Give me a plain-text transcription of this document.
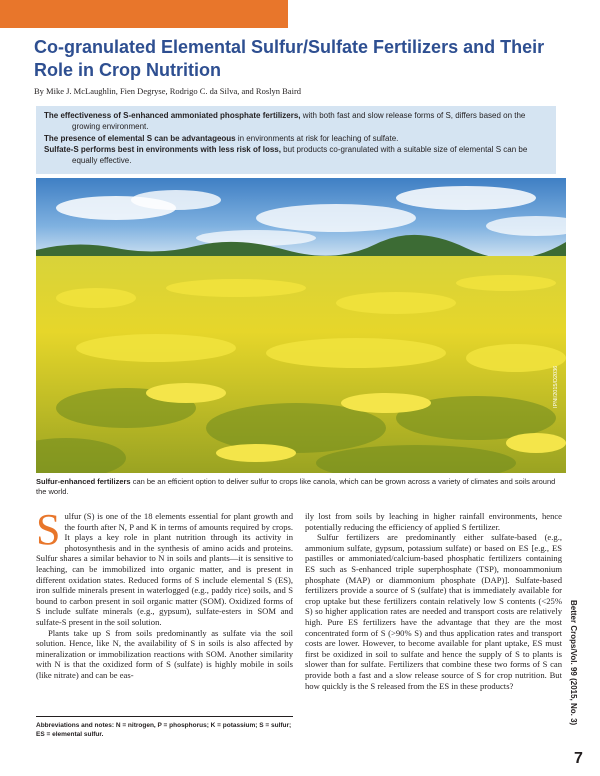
Co-granulated Elemental Sulfur/Sulfate Fertilizers and Their Role in Crop Nutrition

By Mike J. McLaughlin, Fien Degryse, Rodrigo C. da Silva, and Roslyn Baird

The effectiveness of S-enhanced ammoniated phosphate fertilizers, with both fast and slow release forms of S, differs based on the growing environment.

The presence of elemental S can be advantageous in environments at risk for leaching of sulfate.

Sulfate-S performs best in environments with less risk of loss, but products co-granulated with a suitable size of elemental S can be equally effective.

IPNI/2015/D2036

Sulfur-enhanced fertilizers can be an efficient option to deliver sulfur to crops like canola, which can be grown across a variety of climates and soils around the world.

Sulfur (S) is one of the 18 elements essential for plant growth and the fourth after N, P and K in terms of amounts required by crops. It plays a key role in plant nutrition through its activity in photosynthesis and in the synthesis of amino acids and proteins. Sulfur shares a similar behavior to N in soils and plants—it is sensitive to leaching, can be immobilized into organic matter, and is present in different oxidation states. Reduced forms of S include elemental S (ES), iron sulfide minerals present in waterlogged (e.g., paddy rice) soils, and S bound to carbon present in soil organic matter (SOM). Oxidized forms of S include sulfate minerals (e.g., gypsum), sulfate-esters in SOM and sulfate-S present in the soil solution.

Plants take up S from soils predominantly as sulfate via the soil solution. Hence, like N, the availability of S in soils is also affected by mineralization or immobilization reactions with SOM. Another similarity with N is that the oxidized form of S (sulfate) is highly mobile in soils (like nitrate) and can be eas-

Abbreviations and notes: N = nitrogen, P = phosphorus; K = potassium; S = sulfur; ES = elemental sulfur.

ily lost from soils by leaching in higher rainfall environments, hence potentially reducing the efficiency of applied S fertilizer.

Sulfur fertilizers are predominantly either sulfate-based (e.g., ammonium sulfate, gypsum, potassium sulfate) or based on ES [e.g., ES pastilles or ammoniated/calcium-based phosphatic fertilizers containing ES such as S-enhanced triple superphosphate (TSP), monoammonium phosphate (MAP) or diammonium phosphate (DAP)]. Sulfate-based fertilizers provide a source of S (sulfate) that is immediately available for crop uptake but these fertilizers contain relatively low S contents (<25% S) so higher application rates are needed and transport costs are relatively high. Pure ES fertilizers have the advantage that they are the most concentrated form of S (>90% S) and thus application rates and transport costs are lower. However, to become available for plant uptake, ES must first be oxidized in soil to sulfate and hence the supply of S to plants is slower than for sulfate. Fertilizers that combine these two forms of S can provide both a fast and a slow release source of S for crop nutrition. But how quickly is the S released from the ES in these products?	Better Crops/Vol. 99 (2015, No. 3)
7
